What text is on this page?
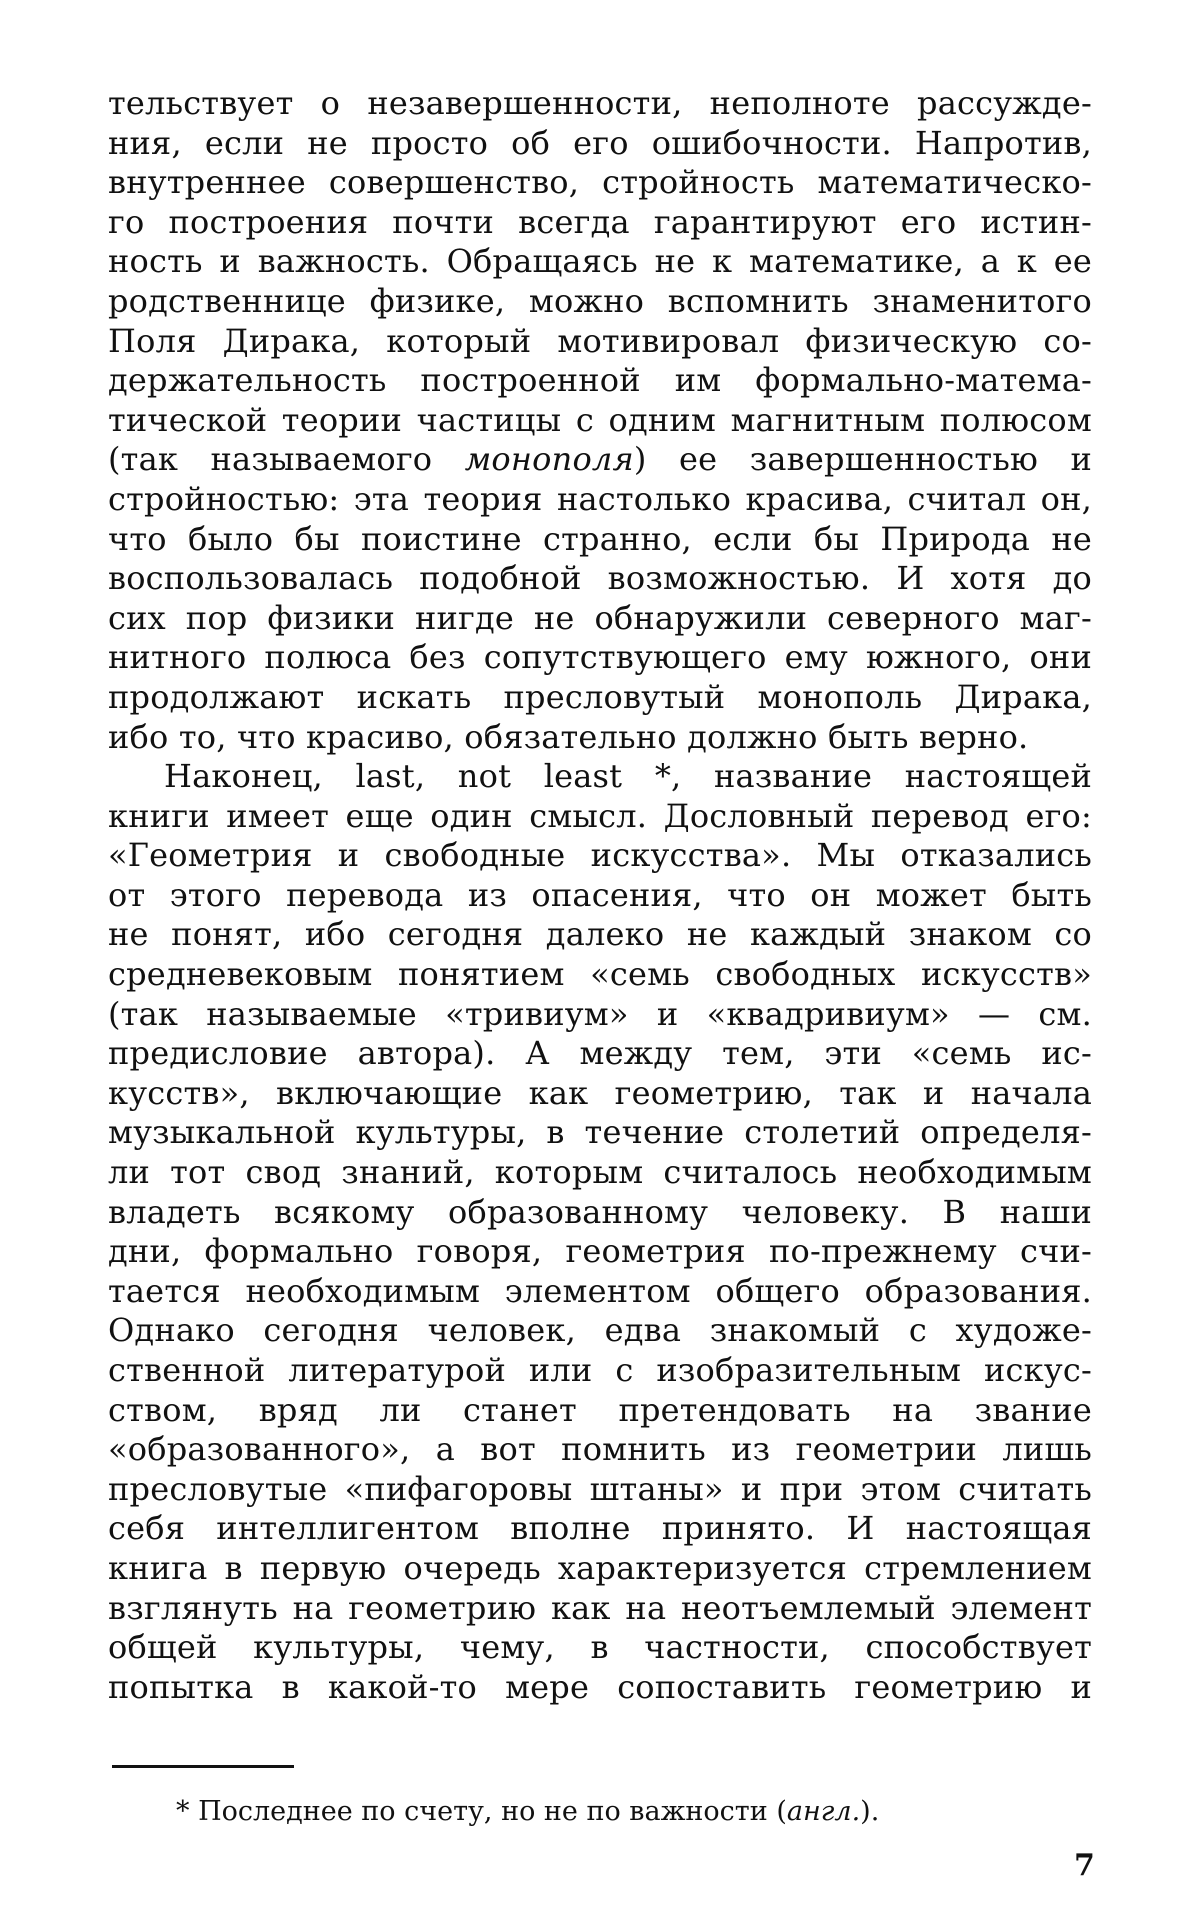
тельствует о незавершенности, неполноте рассужде-
ния, если не просто об его ошибочности. Напротив,
внутреннее совершенство, стройность математическо-
го построения почти всегда гарантируют его истин-
ность и важность. Обращаясь не к математике, а к ее
родственнице физике, можно вспомнить знаменитого
Поля Дирака, который мотивировал физическую со-
держательность построенной им формально-матема-
тической теории частицы с одним магнитным полюсом
(так называемого монополя) ее завершенностью и
стройностью: эта теория настолько красива, считал он,
что было бы поистине странно, если бы Природа не
воспользовалась подобной возможностью. И хотя до
сих пор физики нигде не обнаружили северного маг-
нитного полюса без сопутствующего ему южного, они
продолжают искать пресловутый монополь Дирака,
ибо то, что красиво, обязательно должно быть верно.
Наконец, last, not least *, название настоящей
книги имеет еще один смысл. Дословный перевод его:
«Геометрия и свободные искусства». Мы отказались
от этого перевода из опасения, что он может быть
не понят, ибо сегодня далеко не каждый знаком со
средневековым понятием «семь свободных искусств»
(так называемые «тривиум» и «квадривиум» — см.
предисловие автора). А между тем, эти «семь ис-
кусств», включающие как геометрию, так и начала
музыкальной культуры, в течение столетий определя-
ли тот свод знаний, которым считалось необходимым
владеть всякому образованному человеку. В наши
дни, формально говоря, геометрия по-прежнему счи-
тается необходимым элементом общего образования.
Однако сегодня человек, едва знакомый с художе-
ственной литературой или с изобразительным искус-
ством, вряд ли станет претендовать на звание
«образованного», а вот помнить из геометрии лишь
пресловутые «пифагоровы штаны» и при этом считать
себя интеллигентом вполне принято. И настоящая
книга в первую очередь характеризуется стремлением
взглянуть на геометрию как на неотъемлемый элемент
общей культуры, чему, в частности, способствует
попытка в какой-то мере сопоставить геометрию и
* Последнее по счету, но не по важности (англ.).
7
